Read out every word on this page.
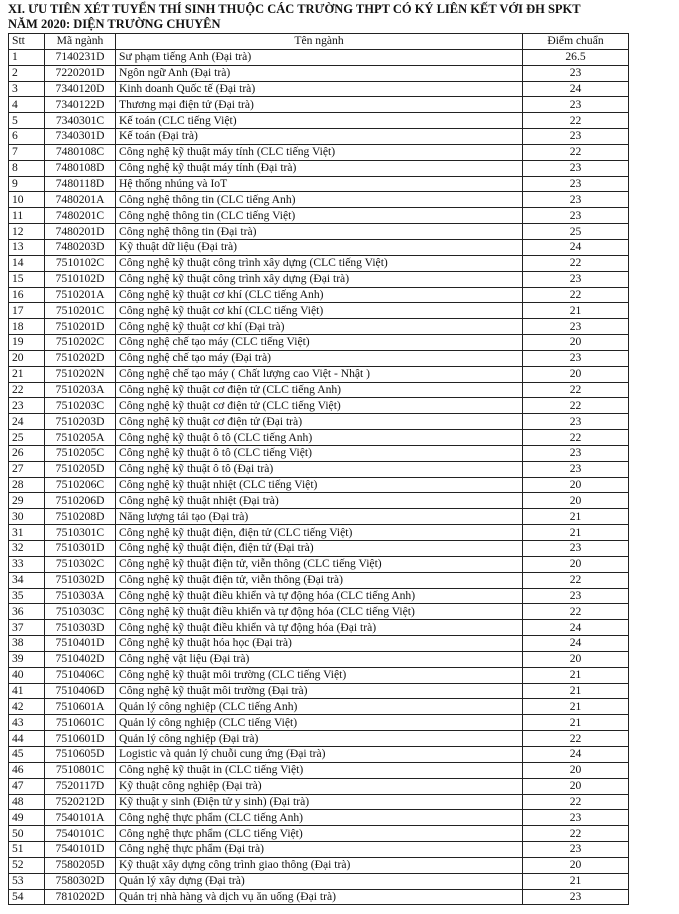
XI. ƯU TIÊN XÉT TUYỂN THÍ SINH THUỘC CÁC TRƯỜNG THPT CÓ KÝ LIÊN KẾT VỚI ĐH SPKT
NĂM 2020: DIỆN TRƯỜNG CHUYÊN
Stt	Mã ngành	Tên ngành	Điểm chuẩn
1	7140231D	Sư phạm tiếng Anh (Đại trà)	26.5
2	7220201D	Ngôn ngữ Anh (Đại trà)	23
3	7340120D	Kinh doanh Quốc tế (Đại trà)	24
4	7340122D	Thương mại điện tử (Đại trà)	23
5	7340301C	Kế toán (CLC tiếng Việt)	22
6	7340301D	Kế toán (Đại trà)	23
7	7480108C	Công nghệ kỹ thuật máy tính (CLC tiếng Việt)	22
8	7480108D	Công nghệ kỹ thuật máy tính (Đại trà)	23
9	7480118D	Hệ thống nhúng và IoT	23
10	7480201A	Công nghệ thông tin (CLC tiếng Anh)	23
11	7480201C	Công nghệ thông tin (CLC tiếng Việt)	23
12	7480201D	Công nghệ thông tin (Đại trà)	25
13	7480203D	Kỹ thuật dữ liệu (Đại trà)	24
14	7510102C	Công nghệ kỹ thuật công trình xây dựng (CLC tiếng Việt)	22
15	7510102D	Công nghệ kỹ thuật công trình xây dựng (Đại trà)	23
16	7510201A	Công nghệ kỹ thuật cơ khí (CLC tiếng Anh)	22
17	7510201C	Công nghệ kỹ thuật cơ khí (CLC tiếng Việt)	21
18	7510201D	Công nghệ kỹ thuật cơ khí (Đại trà)	23
19	7510202C	Công nghệ chế tạo máy (CLC tiếng Việt)	20
20	7510202D	Công nghệ chế tạo máy (Đại trà)	23
21	7510202N	Công nghệ chế tạo máy ( Chất lượng cao Việt - Nhật )	20
22	7510203A	Công nghệ kỹ thuật cơ điện tử (CLC tiếng Anh)	22
23	7510203C	Công nghệ kỹ thuật cơ điện tử (CLC tiếng Việt)	22
24	7510203D	Công nghệ kỹ thuật cơ điện tử (Đại trà)	23
25	7510205A	Công nghệ kỹ thuật ô tô (CLC tiếng Anh)	22
26	7510205C	Công nghệ kỹ thuật ô tô (CLC tiếng Việt)	23
27	7510205D	Công nghệ kỹ thuật ô tô (Đại trà)	23
28	7510206C	Công nghệ kỹ thuật nhiệt (CLC tiếng Việt)	20
29	7510206D	Công nghệ kỹ thuật nhiệt (Đại trà)	20
30	7510208D	Năng lượng tái tạo (Đại trà)	21
31	7510301C	Công nghệ kỹ thuật điện, điện tử (CLC tiếng Việt)	21
32	7510301D	Công nghệ kỹ thuật điện, điện tử (Đại trà)	23
33	7510302C	Công nghệ kỹ thuật điện tử, viễn thông (CLC tiếng Việt)	20
34	7510302D	Công nghệ kỹ thuật điện tử, viễn thông (Đại trà)	22
35	7510303A	Công nghệ kỹ thuật điều khiển và tự động hóa (CLC tiếng Anh)	23
36	7510303C	Công nghệ kỹ thuật điều khiển và tự động hóa (CLC tiếng Việt)	22
37	7510303D	Công nghệ kỹ thuật điều khiển và tự động hóa (Đại trà)	24
38	7510401D	Công nghệ kỹ thuật hóa học (Đại trà)	24
39	7510402D	Công nghệ vật liệu (Đại trà)	20
40	7510406C	Công nghệ kỹ thuật môi trường (CLC tiếng Việt)	21
41	7510406D	Công nghệ kỹ thuật môi trường (Đại trà)	21
42	7510601A	Quản lý công nghiệp (CLC tiếng Anh)	21
43	7510601C	Quản lý công nghiệp (CLC tiếng Việt)	21
44	7510601D	Quản lý công nghiệp (Đại trà)	22
45	7510605D	Logistic và quản lý chuỗi cung ứng (Đại trà)	24
46	7510801C	Công nghệ kỹ thuật in (CLC tiếng Việt)	20
47	7520117D	Kỹ thuật công nghiệp (Đại trà)	20
48	7520212D	Kỹ thuật y sinh (Điện tử y sinh) (Đại trà)	22
49	7540101A	Công nghệ thực phẩm (CLC tiếng Anh)	23
50	7540101C	Công nghệ thực phẩm (CLC tiếng Việt)	22
51	7540101D	Công nghệ thực phẩm (Đại trà)	23
52	7580205D	Kỹ thuật xây dựng công trình giao thông (Đại trà)	20
53	7580302D	Quản lý xây dựng (Đại trà)	21
54	7810202D	Quản trị nhà hàng và dịch vụ ăn uống (Đại trà)	23
